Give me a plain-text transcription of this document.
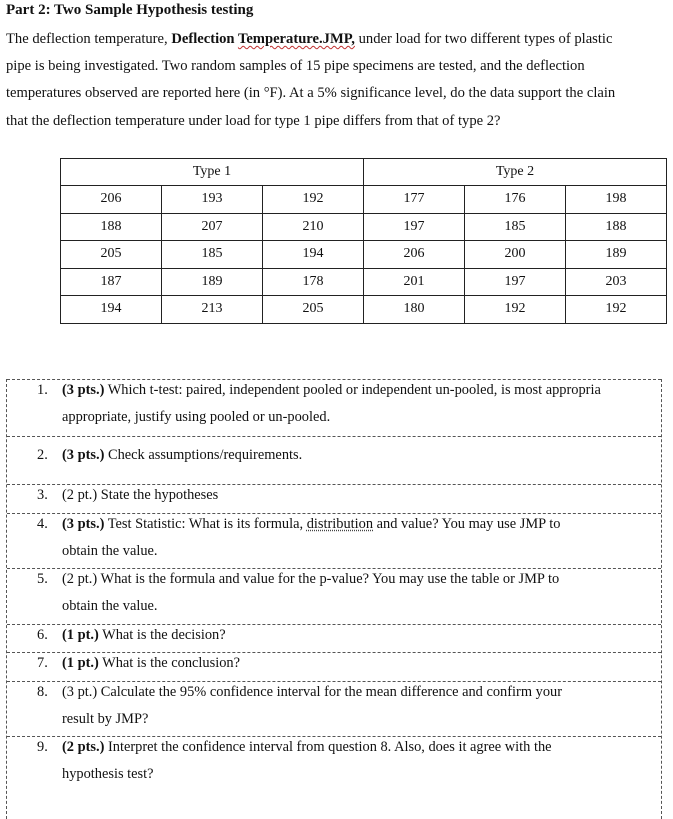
Part 2: Two Sample Hypothesis testing
The deflection temperature, Deflection Temperature.JMP, under load for two different types of plastic
pipe is being investigated. Two random samples of 15 pipe specimens are tested, and the deflection
temperatures observed are reported here (in °F). At a 5% significance level, do the data support the clain
that the deflection temperature under load for type 1 pipe differs from that of type 2?
Type 1			Type 2		
206	193	192	177	176	198
188	207	210	197	185	188
205	185	194	206	200	189
187	189	178	201	197	203
194	213	205	180	192	192
1. (3 pts.) Which t-test: paired, independent pooled or independent un-pooled, is most appropria
appropriate, justify using pooled or un-pooled.
2. (3 pts.) Check assumptions/requirements.
3. (2 pt.) State the hypotheses
4. (3 pts.) Test Statistic: What is its formula, distribution and value? You may use JMP to
obtain the value.
5. (2 pt.) What is the formula and value for the p-value? You may use the table or JMP to
obtain the value.
6. (1 pt.) What is the decision?
7. (1 pt.) What is the conclusion?
8. (3 pt.) Calculate the 95% confidence interval for the mean difference and confirm your
result by JMP?
9. (2 pts.) Interpret the confidence interval from question 8. Also, does it agree with the
hypothesis test?
